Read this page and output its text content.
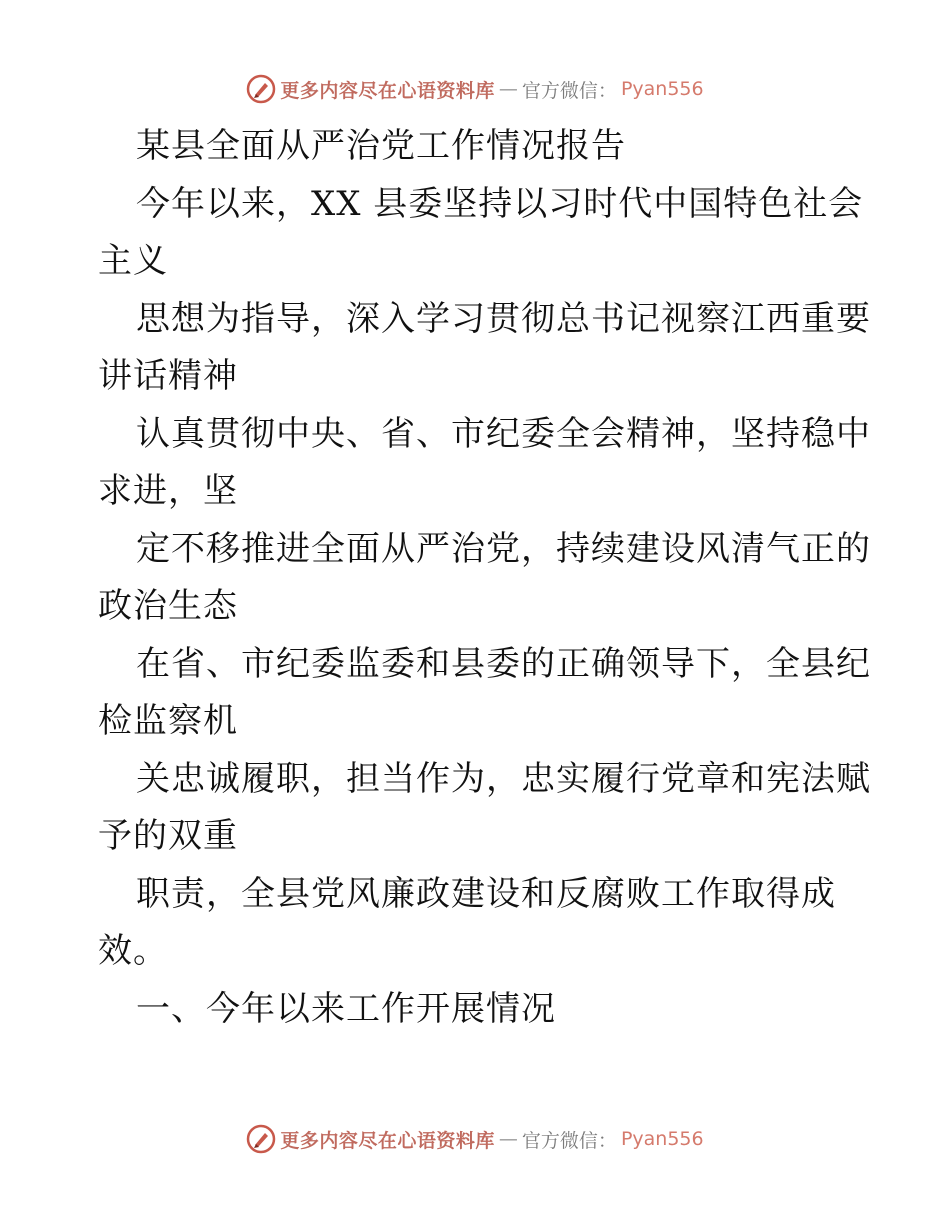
更多内容尽在心语资料库 — 官方微信： Pyan556
某县全面从严治党工作情况报告
今年以来，XX 县委坚持以习时代中国特色社会
主义
思想为指导，深入学习贯彻总书记视察江西重要
讲话精神
认真贯彻中央、省、市纪委全会精神，坚持稳中
求进，坚
定不移推进全面从严治党，持续建设风清气正的
政治生态
在省、市纪委监委和县委的正确领导下，全县纪
检监察机
关忠诚履职，担当作为，忠实履行党章和宪法赋
予的双重
职责，全县党风廉政建设和反腐败工作取得成
效。
一、今年以来工作开展情况
更多内容尽在心语资料库 — 官方微信： Pyan556
